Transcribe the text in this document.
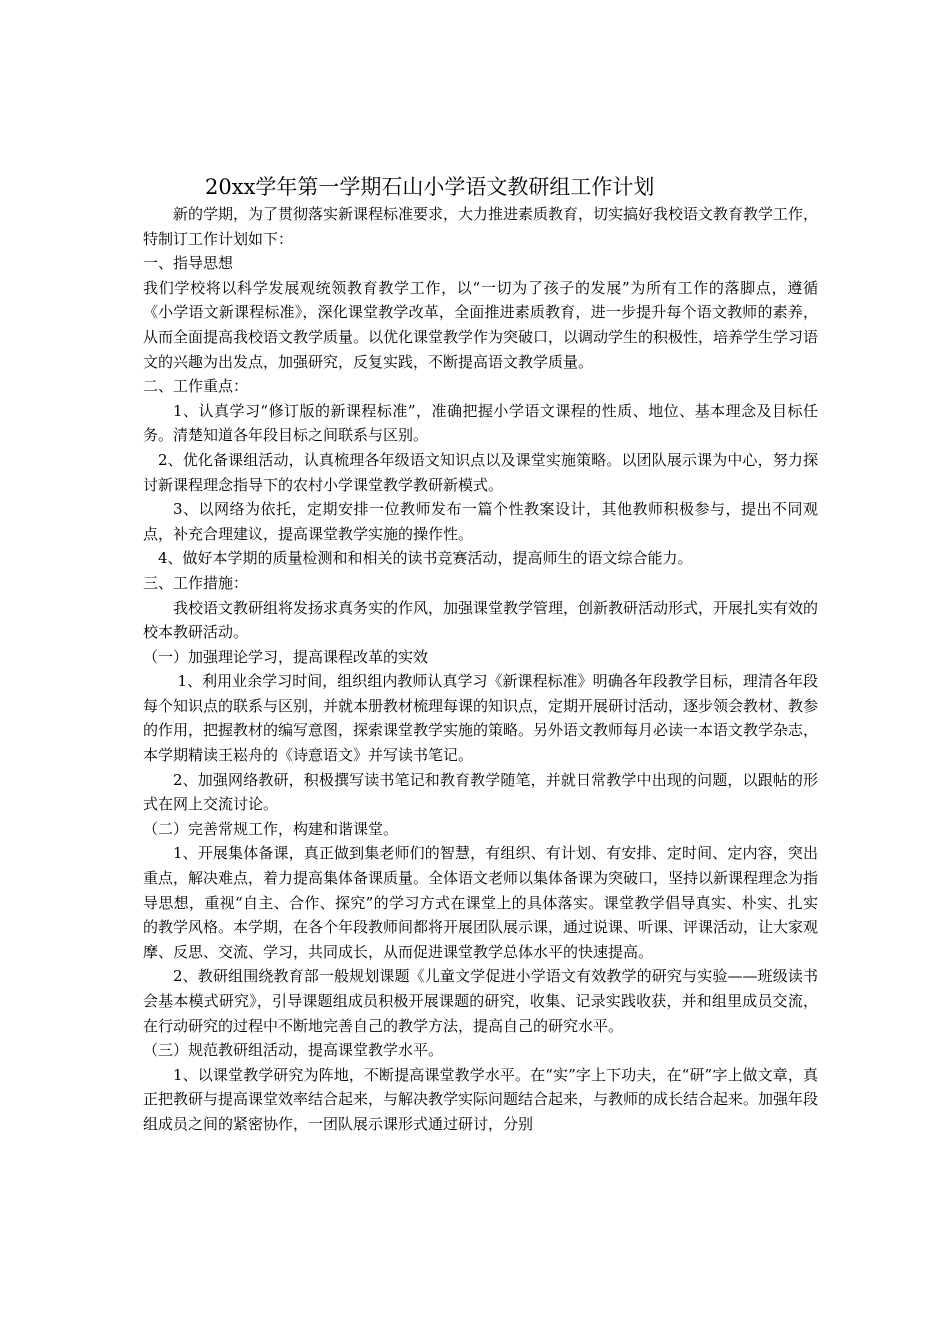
20xx学年第一学期石山小学语文教研组工作计划

新的学期，为了贯彻落实新课程标准要求，大力推进素质教育，切实搞好我校语文教育教学工作，特制订工作计划如下：

一、指导思想

我们学校将以科学发展观统领教育教学工作，以“一切为了孩子的发展”为所有工作的落脚点，遵循《小学语文新课程标准》，深化课堂教学改革，全面推进素质教育，进一步提升每个语文教师的素养，从而全面提高我校语文教学质量。以优化课堂教学作为突破口，以调动学生的积极性，培养学生学习语文的兴趣为出发点，加强研究，反复实践，不断提高语文教学质量。

二、工作重点：

1、认真学习“修订版的新课程标准”，准确把握小学语文课程的性质、地位、基本理念及目标任务。清楚知道各年段目标之间联系与区别。

2、优化备课组活动，认真梳理各年级语文知识点以及课堂实施策略。以团队展示课为中心，努力探讨新课程理念指导下的农村小学课堂教学教研新模式。

3、以网络为依托，定期安排一位教师发布一篇个性教案设计，其他教师积极参与，提出不同观点，补充合理建议，提高课堂教学实施的操作性。

4、做好本学期的质量检测和和相关的读书竞赛活动，提高师生的语文综合能力。

三、工作措施：

我校语文教研组将发扬求真务实的作风，加强课堂教学管理，创新教研活动形式，开展扎实有效的校本教研活动。

（一）加强理论学习，提高课程改革的实效

1、利用业余学习时间，组织组内教师认真学习《新课程标准》明确各年段教学目标，理清各年段每个知识点的联系与区别，并就本册教材梳理每课的知识点，定期开展研讨活动，逐步领会教材、教参的作用，把握教材的编写意图，探索课堂教学实施的策略。另外语文教师每月必读一本语文教学杂志，本学期精读王崧舟的《诗意语文》并写读书笔记。

2、加强网络教研，积极撰写读书笔记和教育教学随笔，并就日常教学中出现的问题，以跟帖的形式在网上交流讨论。

（二）完善常规工作，构建和谐课堂。

1、开展集体备课，真正做到集老师们的智慧，有组织、有计划、有安排、定时间、定内容，突出重点，解决难点，着力提高集体备课质量。全体语文老师以集体备课为突破口，坚持以新课程理念为指导思想，重视“自主、合作、探究”的学习方式在课堂上的具体落实。课堂教学倡导真实、朴实、扎实的教学风格。本学期，在各个年段教师间都将开展团队展示课，通过说课、听课、评课活动，让大家观摩、反思、交流、学习，共同成长，从而促进课堂教学总体水平的快速提高。

2、教研组围绕教育部一般规划课题《儿童文学促进小学语文有效教学的研究与实验——班级读书会基本模式研究》，引导课题组成员积极开展课题的研究，收集、记录实践收获，并和组里成员交流，在行动研究的过程中不断地完善自己的教学方法，提高自己的研究水平。

（三）规范教研组活动，提高课堂教学水平。

1、以课堂教学研究为阵地，不断提高课堂教学水平。在“实”字上下功夫，在“研”字上做文章，真正把教研与提高课堂效率结合起来，与解决教学实际问题结合起来，与教师的成长结合起来。加强年段组成员之间的紧密协作，一团队展示课形式通过研讨，分别
